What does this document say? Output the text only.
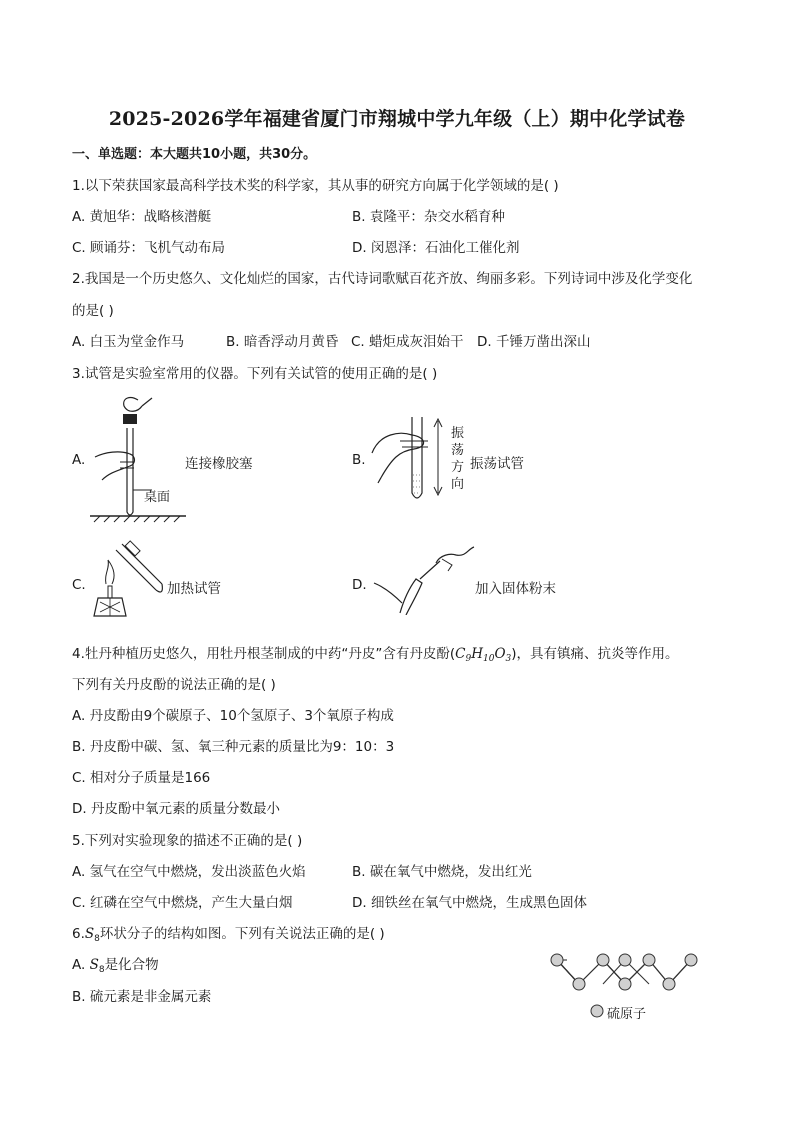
2025-2026学年福建省厦门市翔城中学九年级（上）期中化学试卷
一、单选题：本大题共10小题，共30分。
1.以下荣获国家最高科学技术奖的科学家，其从事的研究方向属于化学领域的是( )
A. 黄旭华：战略核潜艇	B. 袁隆平：杂交水稻育种
C. 顾诵芬：飞机气动布局	D. 闵恩泽：石油化工催化剂
2.我国是一个历史悠久、文化灿烂的国家，古代诗词歌赋百花齐放、绚丽多彩。下列诗词中涉及化学变化
的是( )
A. 白玉为堂金作马	B. 暗香浮动月黄昏 C. 蜡炬成灰泪始干 D. 千锤万凿出深山
3.试管是实验室常用的仪器。下列有关试管的使用正确的是( )
A.
桌面
连接橡胶塞	B.
振
荡
方
向
振荡试管
C.	加热试管	D.	加入固体粉末
4.牡丹种植历史悠久，用牡丹根茎制成的中药“丹皮”含有丹皮酚$(C_9H_{10}O_3)$，具有镇痛、抗炎等作用。
下列有关丹皮酚的说法正确的是( )
A. 丹皮酚由9个碳原子、10个氢原子、3个氧原子构成
B. 丹皮酚中碳、氢、氧三种元素的质量比为9：10：3
C. 相对分子质量是166
D. 丹皮酚中氧元素的质量分数最小
5.下列对实验现象的描述不正确的是( )
A. 氢气在空气中燃烧，发出淡蓝色火焰	B. 碳在氧气中燃烧，发出红光
C. 红磷在空气中燃烧，产生大量白烟	D. 细铁丝在氧气中燃烧，生成黑色固体
$6.S_8$环状分子的结构如图。下列有关说法正确的是( )
A. $S_8$是化合物
B. 硫元素是非金属元素
硫原子
